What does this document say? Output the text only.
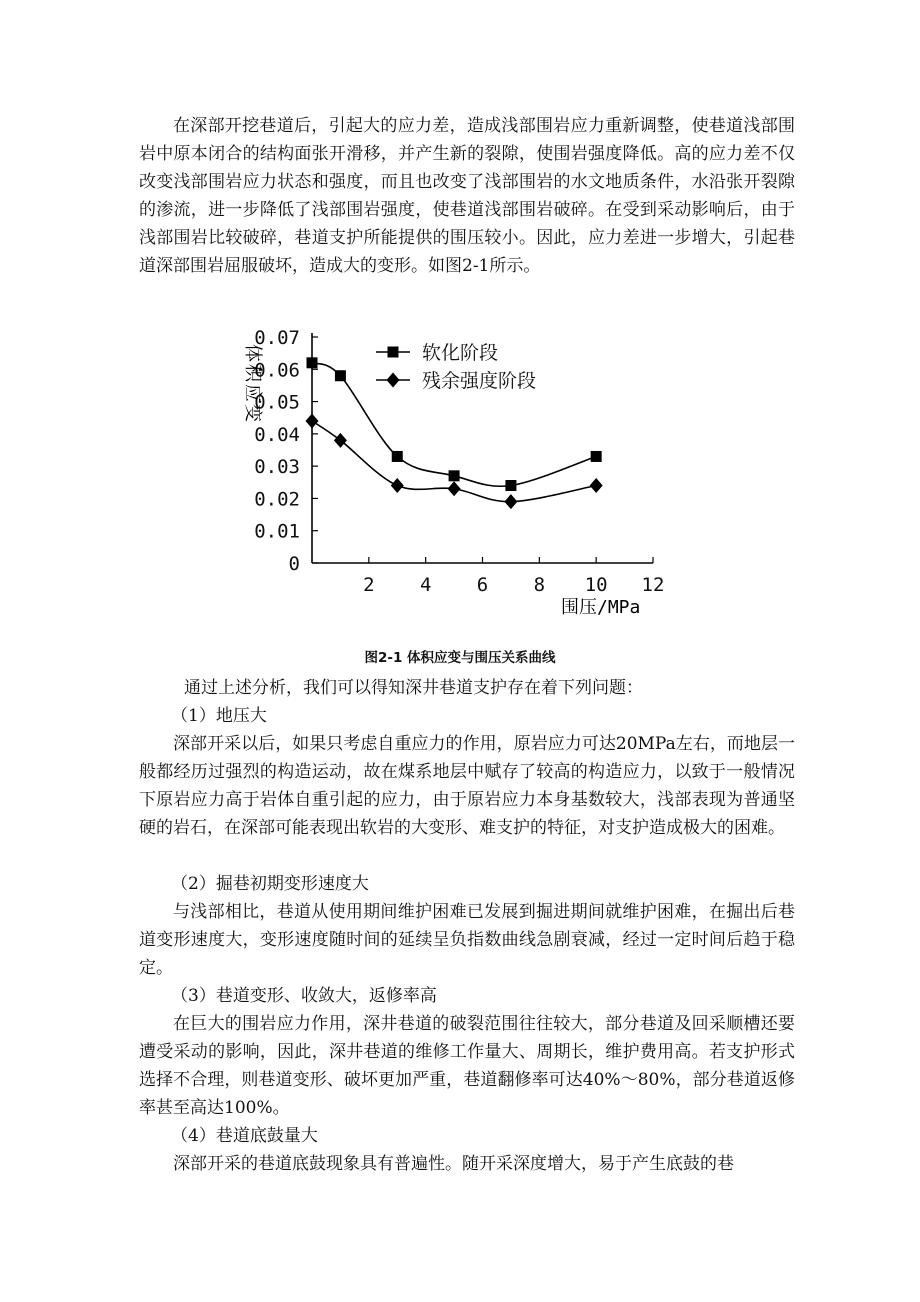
在深部开挖巷道后，引起大的应力差，造成浅部围岩应力重新调整，使巷道浅部围岩中原本闭合的结构面张开滑移，并产生新的裂隙，使围岩强度降低。高的应力差不仅改变浅部围岩应力状态和强度，而且也改变了浅部围岩的水文地质条件，水沿张开裂隙的渗流，进一步降低了浅部围岩强度，使巷道浅部围岩破碎。在受到采动影响后，由于浅部围岩比较破碎，巷道支护所能提供的围压较小。因此，应力差进一步增大，引起巷道深部围岩屈服破坏，造成大的变形。如图2-1所示。

0
0.01
0.02
0.03
0.04
0.05
0.06
0.07
2 4 6 8 10 12
体积应变
围压/MPa
软化阶段
残余强度阶段
图2-1 体积应变与围压关系曲线

通过上述分析，我们可以得知深井巷道支护存在着下列问题：

（1）地压大

深部开采以后，如果只考虑自重应力的作用，原岩应力可达20MPa左右，而地层一般都经历过强烈的构造运动，故在煤系地层中赋存了较高的构造应力，以致于一般情况下原岩应力高于岩体自重引起的应力，由于原岩应力本身基数较大，浅部表现为普通坚硬的岩石，在深部可能表现出软岩的大变形、难支护的特征，对支护造成极大的困难。

（2）掘巷初期变形速度大

与浅部相比，巷道从使用期间维护困难已发展到掘进期间就维护困难，在掘出后巷道变形速度大，变形速度随时间的延续呈负指数曲线急剧衰减，经过一定时间后趋于稳定。

（3）巷道变形、收敛大，返修率高

在巨大的围岩应力作用，深井巷道的破裂范围往往较大，部分巷道及回采顺槽还要遭受采动的影响，因此，深井巷道的维修工作量大、周期长，维护费用高。若支护形式选择不合理，则巷道变形、破坏更加严重，巷道翻修率可达40%～80%，部分巷道返修率甚至高达100%。

（4）巷道底鼓量大

深部开采的巷道底鼓现象具有普遍性。随开采深度增大，易于产生底鼓的巷
